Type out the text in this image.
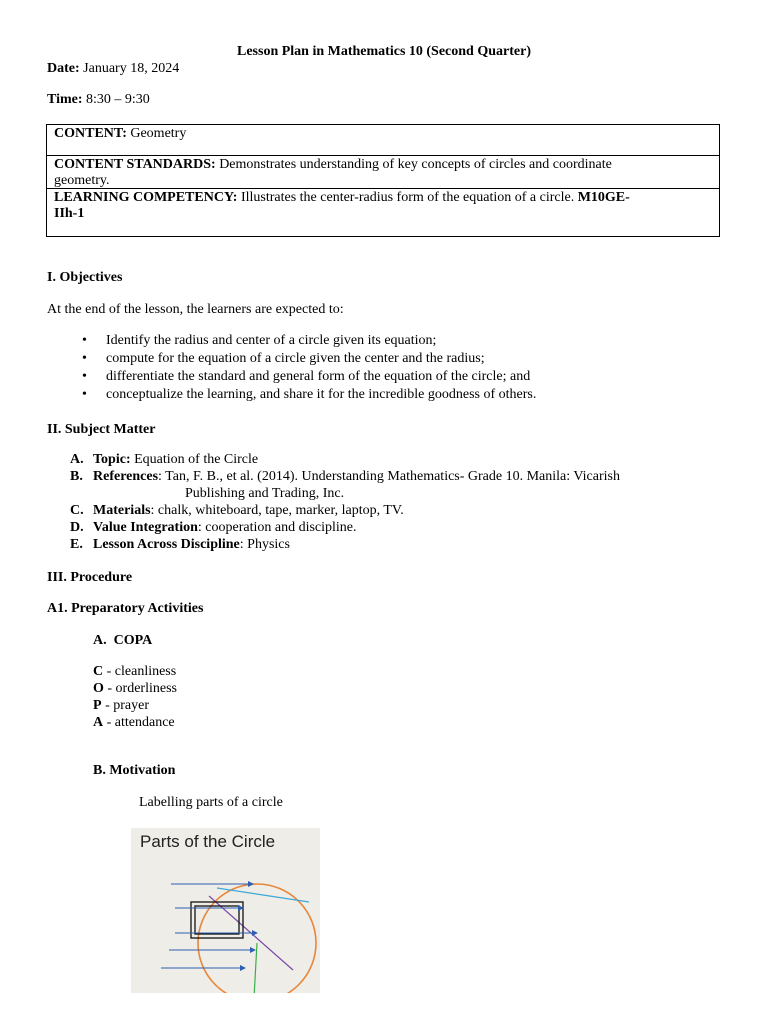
Lesson Plan in Mathematics 10 (Second Quarter)
Date: January 18, 2024
Time: 8:30 – 9:30
CONTENT: Geometry
CONTENT STANDARDS: Demonstrates understanding of key concepts of circles and coordinate
geometry.
LEARNING COMPETENCY: Illustrates the center-radius form of the equation of a circle. M10GE-
IIh-1
I. Objectives
At the end of the lesson, the learners are expected to:
• Identify the radius and center of a circle given its equation;
• compute for the equation of a circle given the center and the radius;
• differentiate the standard and general form of the equation of the circle; and
• conceptualize the learning, and share it for the incredible goodness of others.
II. Subject Matter
A. Topic: Equation of the Circle
B. References: Tan, F. B., et al. (2014). Understanding Mathematics- Grade 10. Manila: Vicarish
Publishing and Trading, Inc.
C. Materials: chalk, whiteboard, tape, marker, laptop, TV.
D. Value Integration: cooperation and discipline.
E. Lesson Across Discipline: Physics
III. Procedure
A1. Preparatory Activities
A.  COPA
C - cleanliness
O - orderliness
P - prayer
A - attendance
B. Motivation
Labelling parts of a circle
Parts of the Circle
